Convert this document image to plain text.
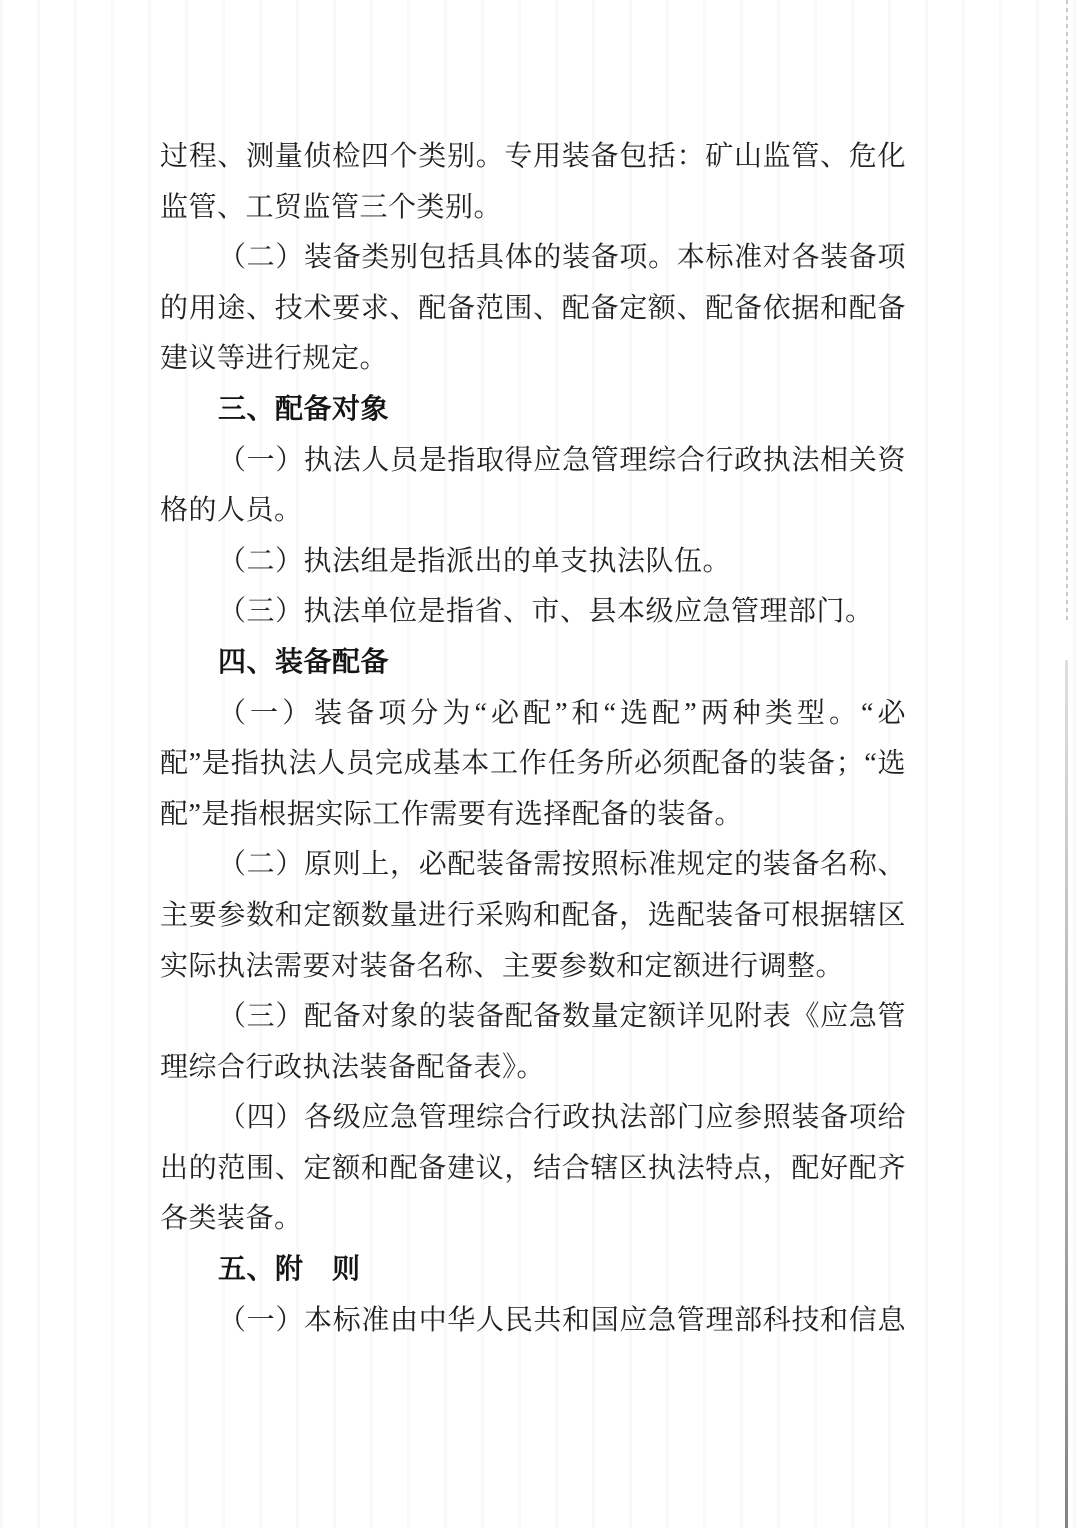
过程、测量侦检四个类别。专用装备包括：矿山监管、危化
监管、工贸监管三个类别。
（二）装备类别包括具体的装备项。本标准对各装备项
的用途、技术要求、配备范围、配备定额、配备依据和配备
建议等进行规定。
三、配备对象
（一）执法人员是指取得应急管理综合行政执法相关资
格的人员。
（二）执法组是指派出的单支执法队伍。
（三）执法单位是指省、市、县本级应急管理部门。
四、装备配备
（一）装备项分为“必配”和“选配”两种类型。“必
配”是指执法人员完成基本工作任务所必须配备的装备；“选
配”是指根据实际工作需要有选择配备的装备。
（二）原则上，必配装备需按照标准规定的装备名称、
主要参数和定额数量进行采购和配备，选配装备可根据辖区
实际执法需要对装备名称、主要参数和定额进行调整。
（三）配备对象的装备配备数量定额详见附表《应急管
理综合行政执法装备配备表》。
（四）各级应急管理综合行政执法部门应参照装备项给
出的范围、定额和配备建议，结合辖区执法特点，配好配齐
各类装备。
五、附　则
（一）本标准由中华人民共和国应急管理部科技和信息
